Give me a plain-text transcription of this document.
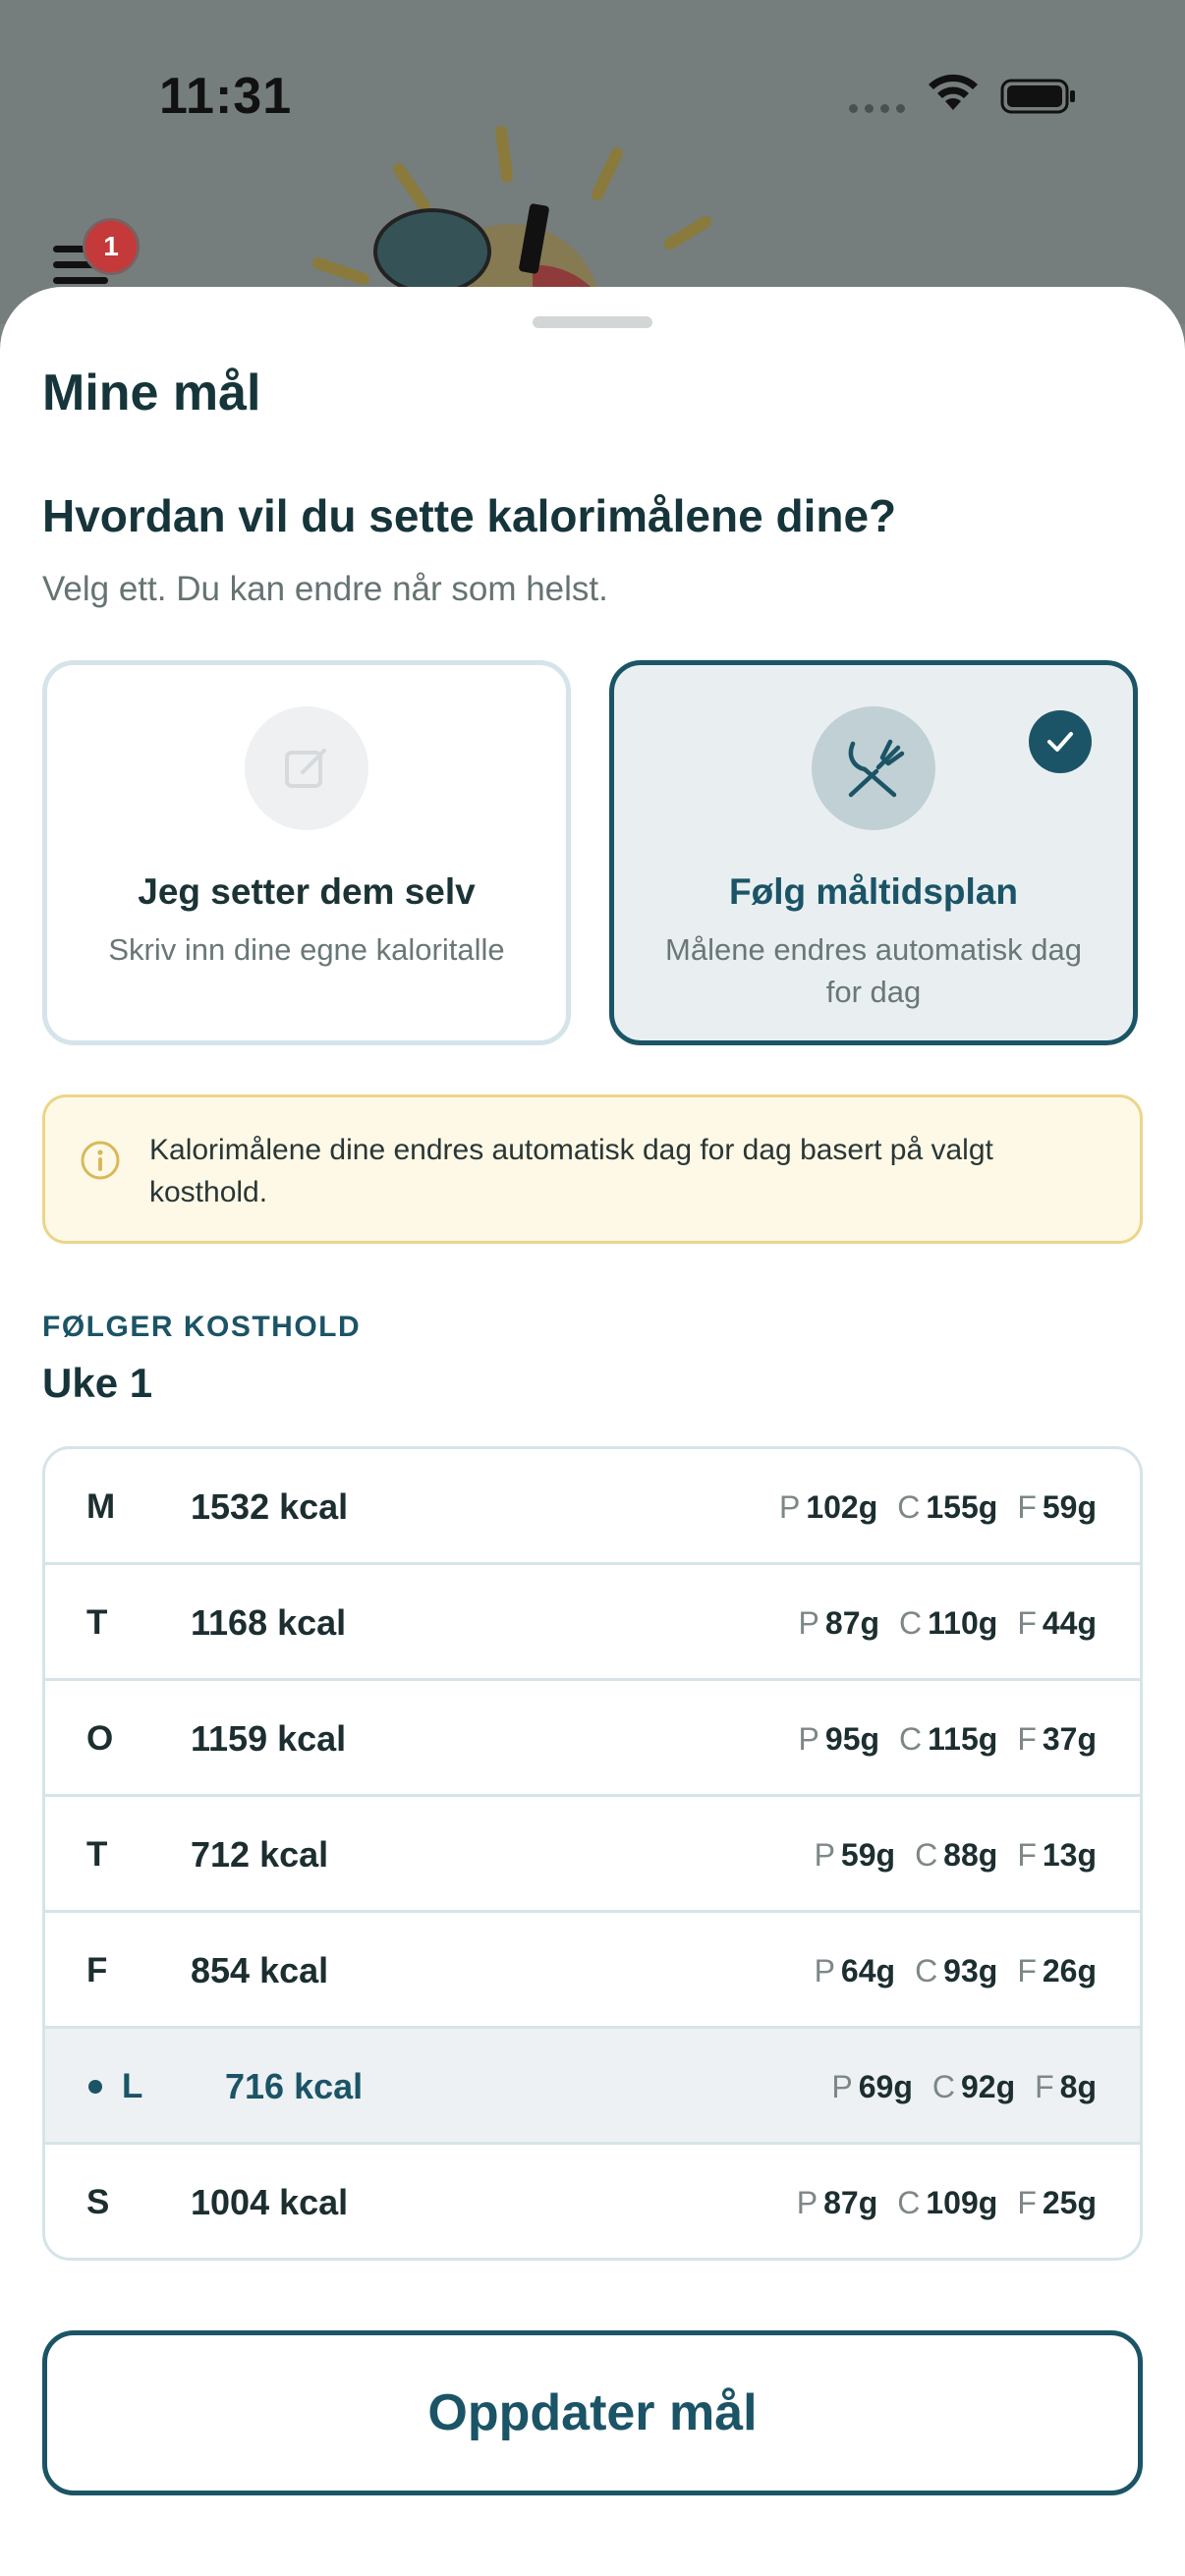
11:31
1
Mine mål
Hvordan vil du sette kalorimålene dine?
Velg ett. Du kan endre når som helst.
Jeg setter dem selv
Skriv inn dine egne kaloritalle
Følg måltidsplan
Målene endres automatisk dag for dag
Kalorimålene dine endres automatisk dag for dag basert på valgt kosthold.
FØLGER KOSTHOLD
Uke 1
M 1532 kcal	P 102g C 155g F 59g
T 1168 kcal	P 87g C 110g F 44g
O 1159 kcal	P 95g C 115g F 37g
T 712 kcal	P 59g C 88g F 13g
F 854 kcal	P 64g C 93g F 26g
L 716 kcal	P 69g C 92g F 8g
S 1004 kcal	P 87g C 109g F 25g
Oppdater mål
